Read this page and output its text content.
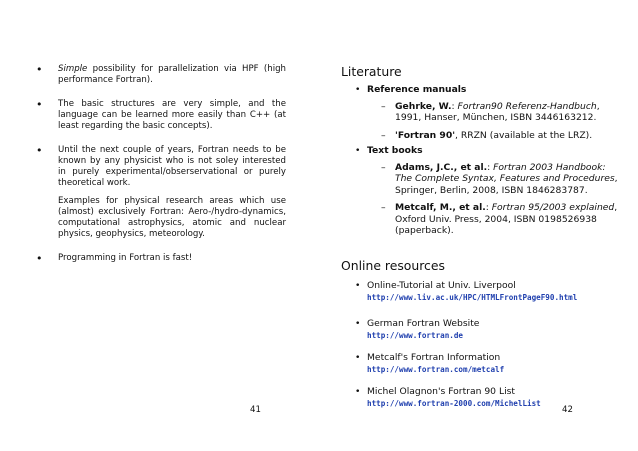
• Simple possibility for parallelization via HPF (high performance Fortran).

• The basic structures are very simple, and the language can be learned more easily than C++ (at least regarding the basic concepts).

• Until the next couple of years, Fortran needs to be known by any physicist who is not soley interested in purely experimental/obserservational or purely theoretical work.

Examples for physical research areas which use (almost) exclusively Fortran: Aero-/hydro-dynamics, computational astrophysics, atomic and nuclear physics, geophysics, meteorology.

• Programming in Fortran is fast!

41
Literature
• Reference manuals
– Gehrke, W.: Fortran90 Referenz-Handbuch, 1991, Hanser, München, ISBN 3446163212.
– 'Fortran 90', RRZN (available at the LRZ).
• Text books
– Adams, J.C., et al.: Fortran 2003 Handbook: The Complete Syntax, Features and Procedures, Springer, Berlin, 2008, ISBN 1846283787.
– Metcalf, M., et al.: Fortran 95/2003 explained, Oxford Univ. Press, 2004, ISBN 0198526938 (paperback).
Online resources
• Online-Tutorial at Univ. Liverpool
http://www.liv.ac.uk/HPC/HTMLFrontPageF90.html
• German Fortran Website
http://www.fortran.de
• Metcalf's Fortran Information
http://www.fortran.com/metcalf
• Michel Olagnon's Fortran 90 List
http://www.fortran-2000.com/MichelList
42
